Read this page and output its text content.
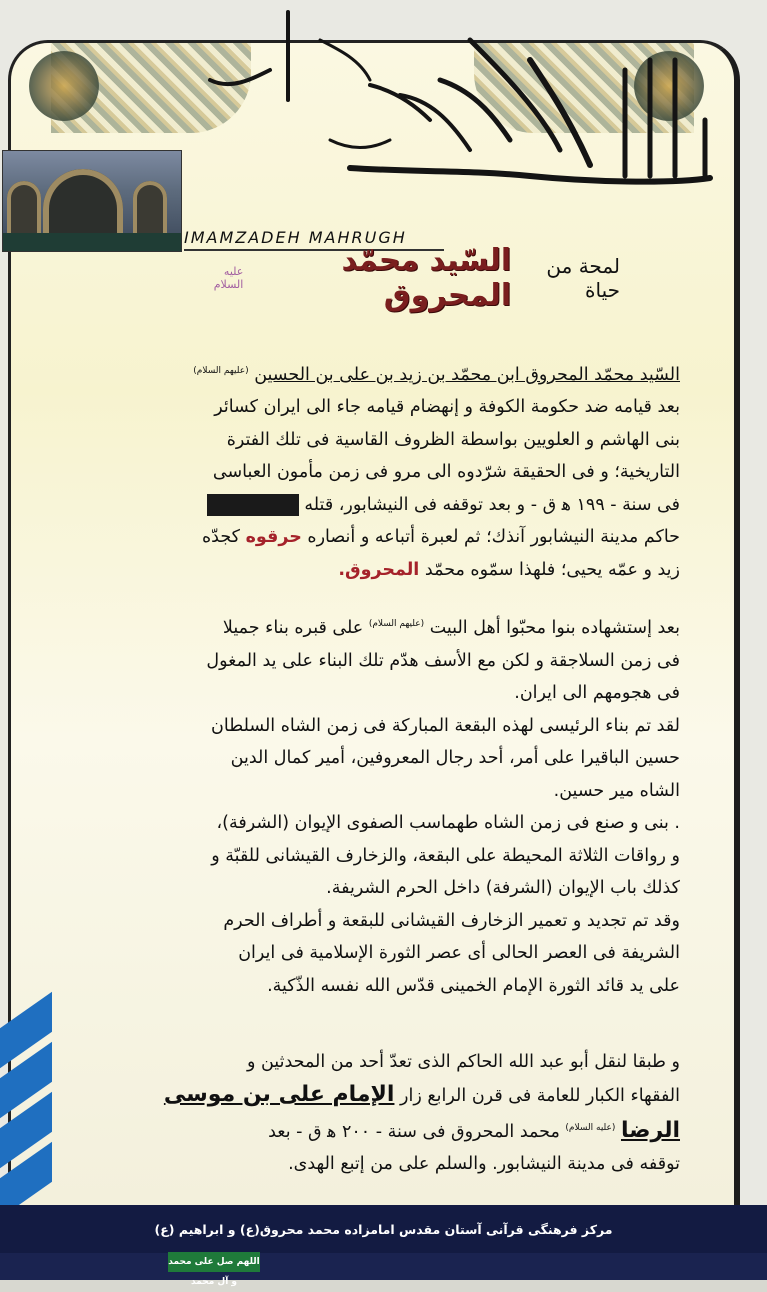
IMAMZADEH MAHRUGH
لمحة من حياة
السّيد محمّد المحروق
عليه السلام

السّيد محمّد المحروق ابن محمّد بن زيد بن على بن الحسين $^{(عليهم السلام)}$

بعد قيامه ضد حكومة الكوفة و إنهضام قيامه جاء الى ايران كسائر

بنى الهاشم و العلويين بواسطة الظروف القاسية فى تلك الفترة

التاريخية؛ و فى الحقيقة شرّدوه الى مرو فى زمن مأمون العباسى

فى سنة - ١٩٩ ه‍ ق - و بعد توقفه فى النيشابور، قتله

حاكم مدينة النيشابور آنذك؛ ثم لعبرة أتباعه و أنصاره حرقوه كجدّه

زيد و عمّه يحيى؛ فلهذا سمّوه محمّد المحروق.

بعد إستشهاده بنوا محبّوا أهل البيت $^{(عليهم السلام)}$ على قبره بناء جميلا

فى زمن السلاجقة و لكن مع الأسف هدّم تلك البناء على يد المغول

فى هجومهم الى ايران.

لقد تم بناء الرئيسى لهذه البقعة المباركة فى زمن الشاه السلطان

حسين الباقيرا على أمر، أحد رجال المعروفين، أمير كمال الدين

الشاه مير حسين.

. بنى و صنع فى زمن الشاه طهماسب الصفوى الإيوان (الشرفة)،

و رواقات الثلاثة المحيطة على البقعة، والزخارف القيشانى للقبّة و

كذلك باب الإيوان (الشرفة) داخل الحرم الشريفة.

وقد تم تجديد و تعمير الزخارف القيشانى للبقعة و أطراف الحرم

الشريفة فى العصر الحالى أى عصر الثورة الإسلامية فى ايران

على يد قائد الثورة الإمام الخمينى قدّس الله نفسه الذّكية.

و طبقا لنقل أبو عبد الله الحاكم الذى تعدّ أحد من المحدثين و

الفقهاء الكبار للعامة فى قرن الرابع زار الإمام على بن موسى

الرضا $^{(عليه السلام)}$ محمد المحروق فى سنة - ٢٠٠ ه‍ ق - بعد

توقفه فى مدينة النيشابور. والسلم على من إتبع الهدى.

مرکز فرهنگی قرآنی آستان مقدس امامزاده محمد محروق(ع) و ابراهیم (ع)
اللهم صل على محمد و آل محمد
